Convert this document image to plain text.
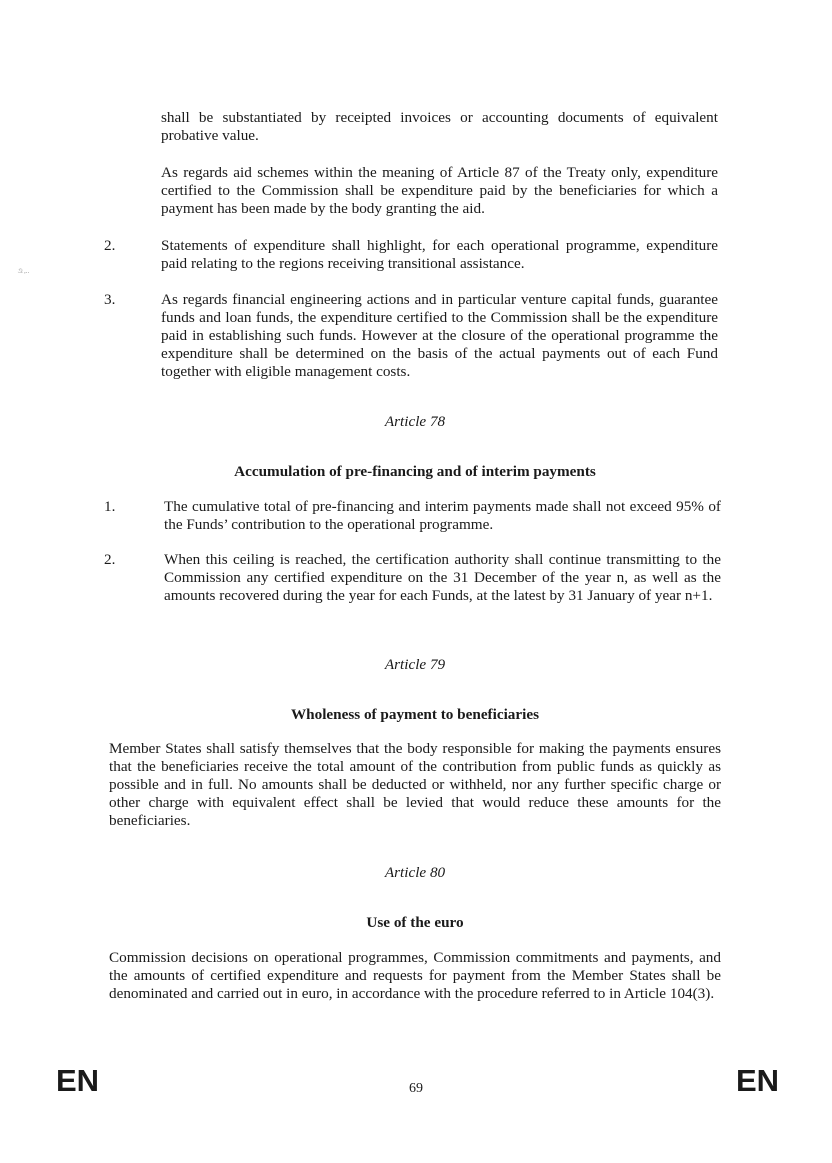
ࡠ,..

shall be substantiated by receipted invoices or accounting documents of equivalent probative value.

As regards aid schemes within the meaning of Article 87 of the Treaty only, expenditure certified to the Commission shall be expenditure paid by the beneficiaries for which a payment has been made by the body granting the aid.

2.	Statements of expenditure shall highlight, for each operational programme, expenditure paid relating to the regions receiving transitional assistance.

3.	As regards financial engineering actions and in particular venture capital funds, guarantee funds and loan funds, the expenditure certified to the Commission shall be the expenditure paid in establishing such funds. However at the closure of the operational programme the expenditure shall be determined on the basis of the actual payments out of each Fund together with eligible management costs.

Article 78

Accumulation of pre-financing and of interim payments

1.	The cumulative total of pre-financing and interim payments made shall not exceed 95% of the Funds’ contribution to the operational programme.

2.	When this ceiling is reached, the certification authority shall continue transmitting to the Commission any certified expenditure on the 31 December of the year n, as well as the amounts recovered during the year for each Funds, at the latest by 31 January of year n+1.

Article 79

Wholeness of payment to beneficiaries

Member States shall satisfy themselves that the body responsible for making the payments ensures that the beneficiaries receive the total amount of the contribution from public funds as quickly as possible and in full. No amounts shall be deducted or withheld, nor any further specific charge or other charge with equivalent effect shall be levied that would reduce these amounts for the beneficiaries.

Article 80

Use of the euro

Commission decisions on operational programmes, Commission commitments and payments, and the amounts of certified expenditure and requests for payment from the Member States shall be denominated and carried out in euro, in accordance with the procedure referred to in Article 104(3).

EN	69	EN
